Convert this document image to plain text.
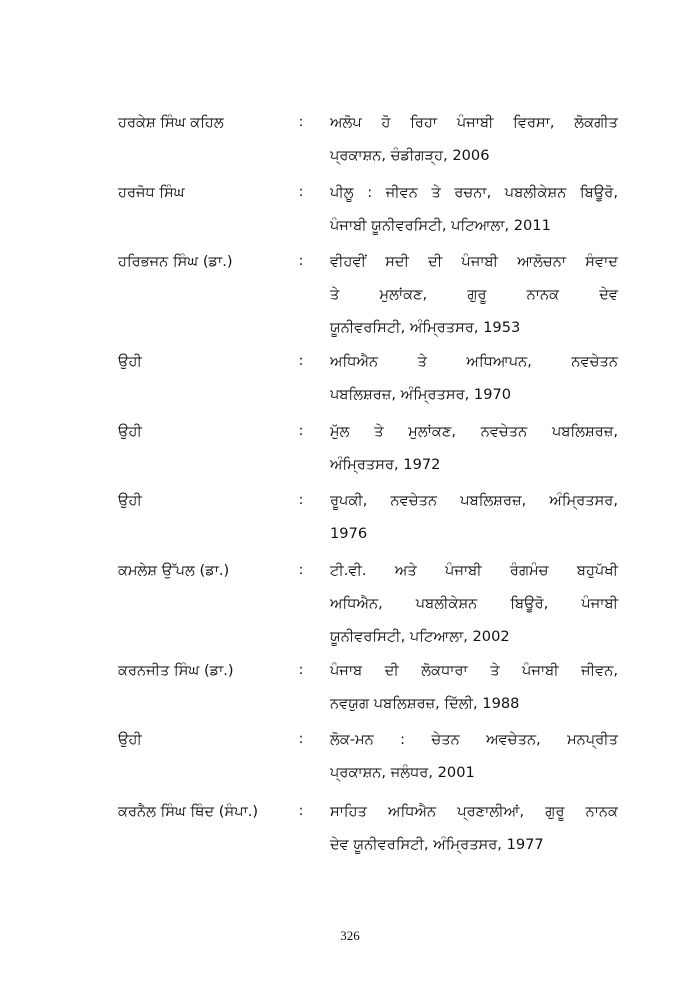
ਹਰਕੇਸ਼ ਸਿੰਘ ਕਹਿਲ	: ਅਲੋਪ ਹੋ ਰਿਹਾ ਪੰਜਾਬੀ ਵਿਰਸਾ, ਲੋਕਗੀਤ
ਪ੍ਰਕਾਸ਼ਨ, ਚੰਡੀਗੜ੍ਹ, 2006
ਹਰਜੋਧ ਸਿੰਘ	: ਪੀਲੂ : ਜੀਵਨ ਤੇ ਰਚਨਾ, ਪਬਲੀਕੇਸ਼ਨ ਬਿਊਰੋ,
ਪੰਜਾਬੀ ਯੂਨੀਵਰਸਿਟੀ, ਪਟਿਆਲਾ, 2011
ਹਰਿਭਜਨ ਸਿੰਘ (ਡਾ.)	: ਵੀਹਵੀਂ ਸਦੀ ਦੀ ਪੰਜਾਬੀ ਆਲੋਚਨਾ ਸੰਵਾਦ
ਤੇ ਮੁਲਾਂਕਣ, ਗੁਰੂ ਨਾਨਕ ਦੇਵ
ਯੂਨੀਵਰਸਿਟੀ, ਅੰਮ੍ਰਿਤਸਰ, 1953
ਉਹੀ	: ਅਧਿਐਨ ਤੇ ਅਧਿਆਪਨ, ਨਵਚੇਤਨ
ਪਬਲਿਸ਼ਰਜ਼, ਅੰਮ੍ਰਿਤਸਰ, 1970
ਉਹੀ	: ਮੁੱਲ ਤੇ ਮੁਲਾਂਕਣ, ਨਵਚੇਤਨ ਪਬਲਿਸ਼ਰਜ਼,
ਅੰਮ੍ਰਿਤਸਰ, 1972
ਉਹੀ	: ਰੂਪਕੀ, ਨਵਚੇਤਨ ਪਬਲਿਸ਼ਰਜ਼, ਅੰਮ੍ਰਿਤਸਰ,
1976
ਕਮਲੇਸ਼ ਉੱਪਲ (ਡਾ.)	: ਟੀ.ਵੀ. ਅਤੇ ਪੰਜਾਬੀ ਰੰਗਮੰਚ ਬਹੁਪੱਖੀ
ਅਧਿਐਨ, ਪਬਲੀਕੇਸ਼ਨ ਬਿਊਰੋ, ਪੰਜਾਬੀ
ਯੂਨੀਵਰਸਿਟੀ, ਪਟਿਆਲਾ, 2002
ਕਰਨਜੀਤ ਸਿੰਘ (ਡਾ.)	: ਪੰਜਾਬ ਦੀ ਲੋਕਧਾਰਾ ਤੇ ਪੰਜਾਬੀ ਜੀਵਨ,
ਨਵਯੁਗ ਪਬਲਿਸ਼ਰਜ਼, ਦਿੱਲੀ, 1988
ਉਹੀ	: ਲੋਕ-ਮਨ : ਚੇਤਨ ਅਵਚੇਤਨ, ਮਨਪ੍ਰੀਤ
ਪ੍ਰਕਾਸ਼ਨ, ਜਲੰਧਰ, 2001
ਕਰਨੈਲ ਸਿੰਘ ਥਿੰਦ (ਸੰਪਾ.)	: ਸਾਹਿਤ ਅਧਿਐਨ ਪ੍ਰਣਾਲੀਆਂ, ਗੁਰੂ ਨਾਨਕ
ਦੇਵ ਯੂਨੀਵਰਸਿਟੀ, ਅੰਮ੍ਰਿਤਸਰ, 1977
326
